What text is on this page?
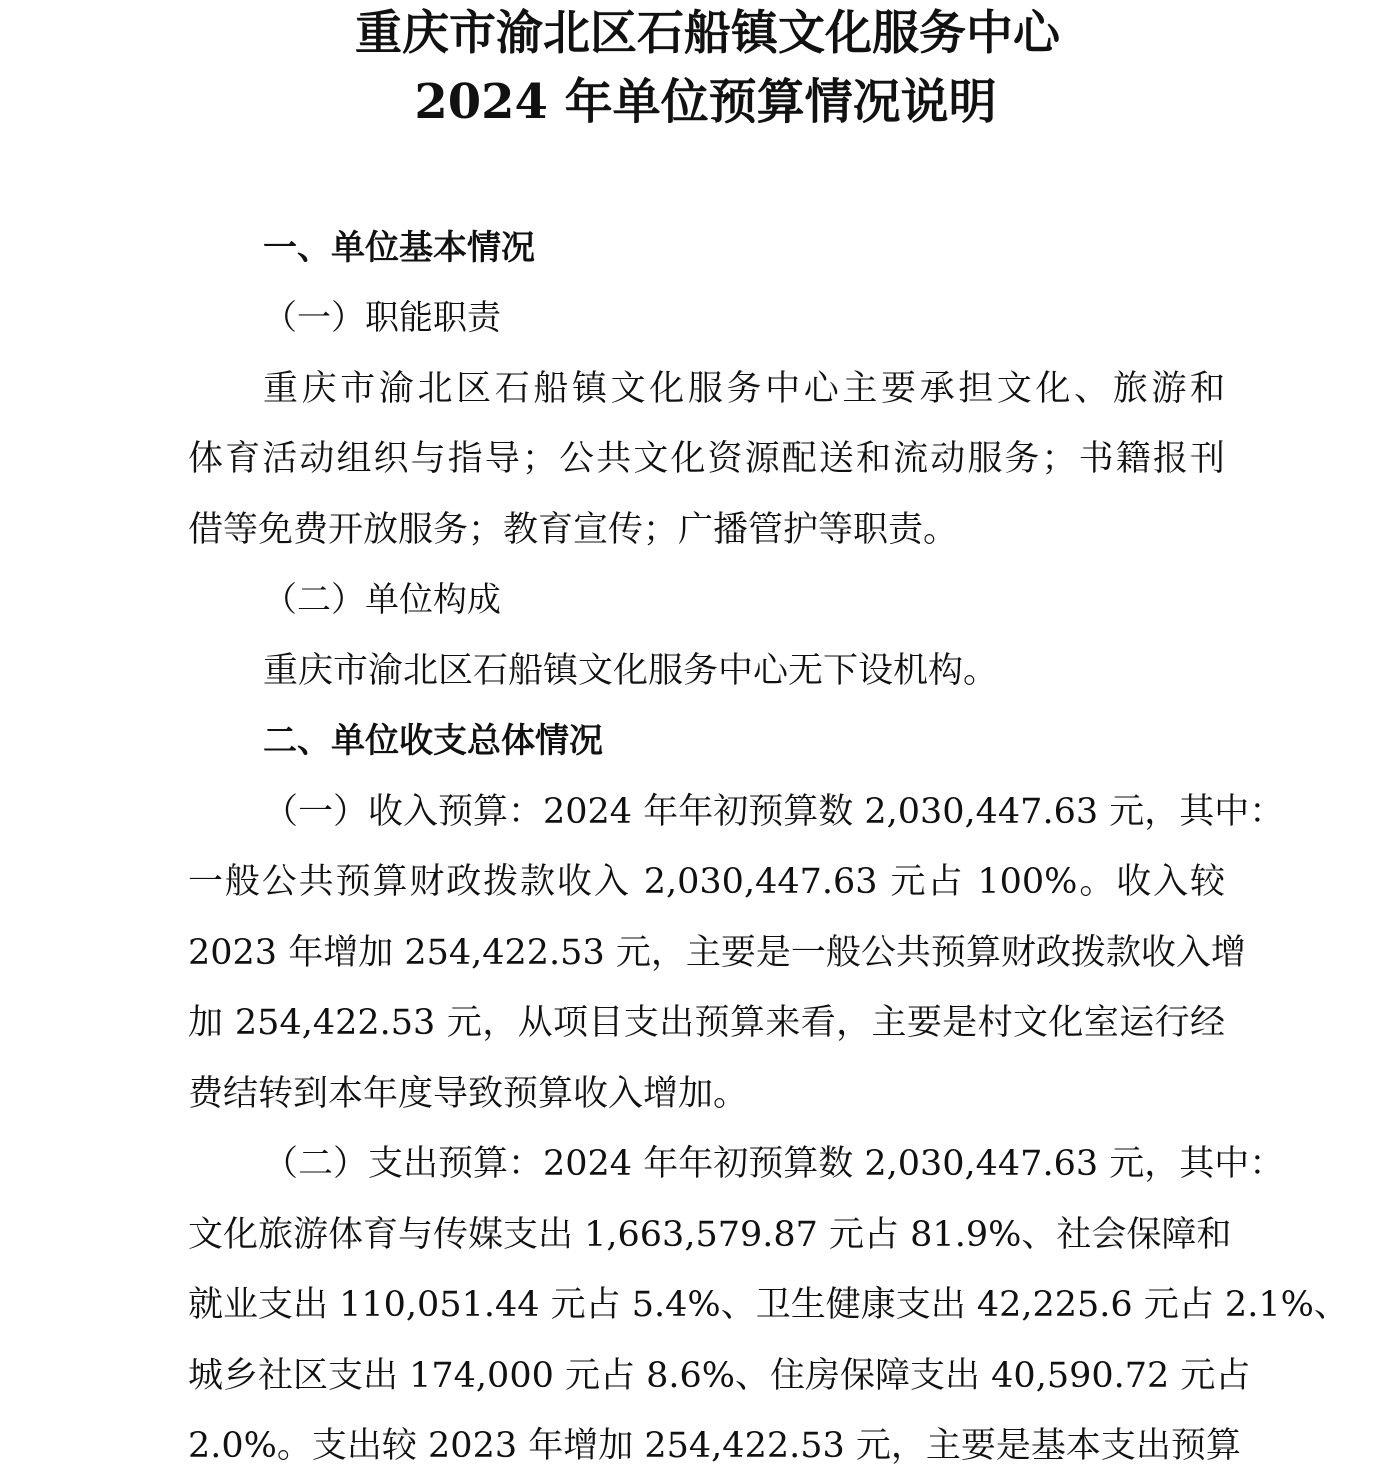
重庆市渝北区石船镇文化服务中心
2024 年单位预算情况说明
一、单位基本情况
（一）职能职责
重庆市渝北区石船镇文化服务中心主要承担文化、旅游和
体育活动组织与指导；公共文化资源配送和流动服务；书籍报刊
借等免费开放服务；教育宣传；广播管护等职责。
（二）单位构成
重庆市渝北区石船镇文化服务中心无下设机构。
二、单位收支总体情况
（一）收入预算：2024 年年初预算数 2,030,447.63 元，其中：
一般公共预算财政拨款收入 2,030,447.63 元占 100%。收入较
2023 年增加 254,422.53 元，主要是一般公共预算财政拨款收入增
加 254,422.53 元，从项目支出预算来看，主要是村文化室运行经
费结转到本年度导致预算收入增加。
（二）支出预算：2024 年年初预算数 2,030,447.63 元，其中：
文化旅游体育与传媒支出 1,663,579.87 元占 81.9%、社会保障和
就业支出 110,051.44 元占 5.4%、卫生健康支出 42,225.6 元占 2.1%、
城乡社区支出 174,000 元占 8.6%、住房保障支出 40,590.72 元占
2.0%。支出较 2023 年增加 254,422.53 元，主要是基本支出预算
